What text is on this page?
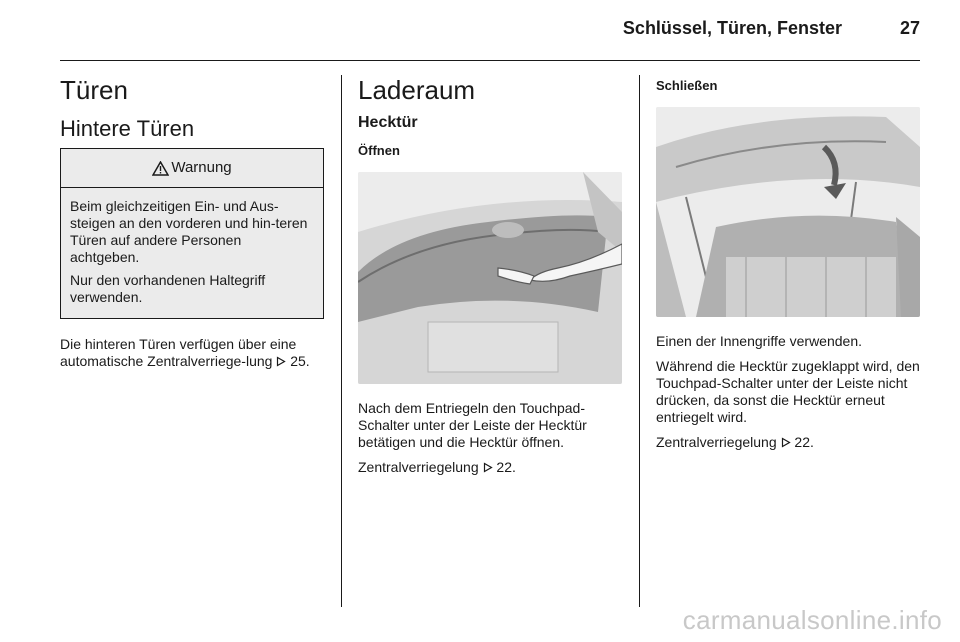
Schlüssel, Türen, Fenster	27
Türen
Hintere Türen
Warnung

Beim gleichzeitigen Ein- und Aus-steigen an den vorderen und hin-teren Türen auf andere Personen achtgeben.

Nur den vorhandenen Haltegriff verwenden.

Die hinteren Türen verfügen über eine automatische Zentralverriege-lung 25.

Laderaum
Hecktür
Öffnen

Nach dem Entriegeln den Touchpad-Schalter unter der Leiste der Hecktür betätigen und die Hecktür öffnen.

Zentralverriegelung 22.

Schließen

Einen der Innengriffe verwenden.

Während die Hecktür zugeklappt wird, den Touchpad-Schalter unter der Leiste nicht drücken, da sonst die Hecktür erneut entriegelt wird.

Zentralverriegelung 22.

carmanualsonline.info
